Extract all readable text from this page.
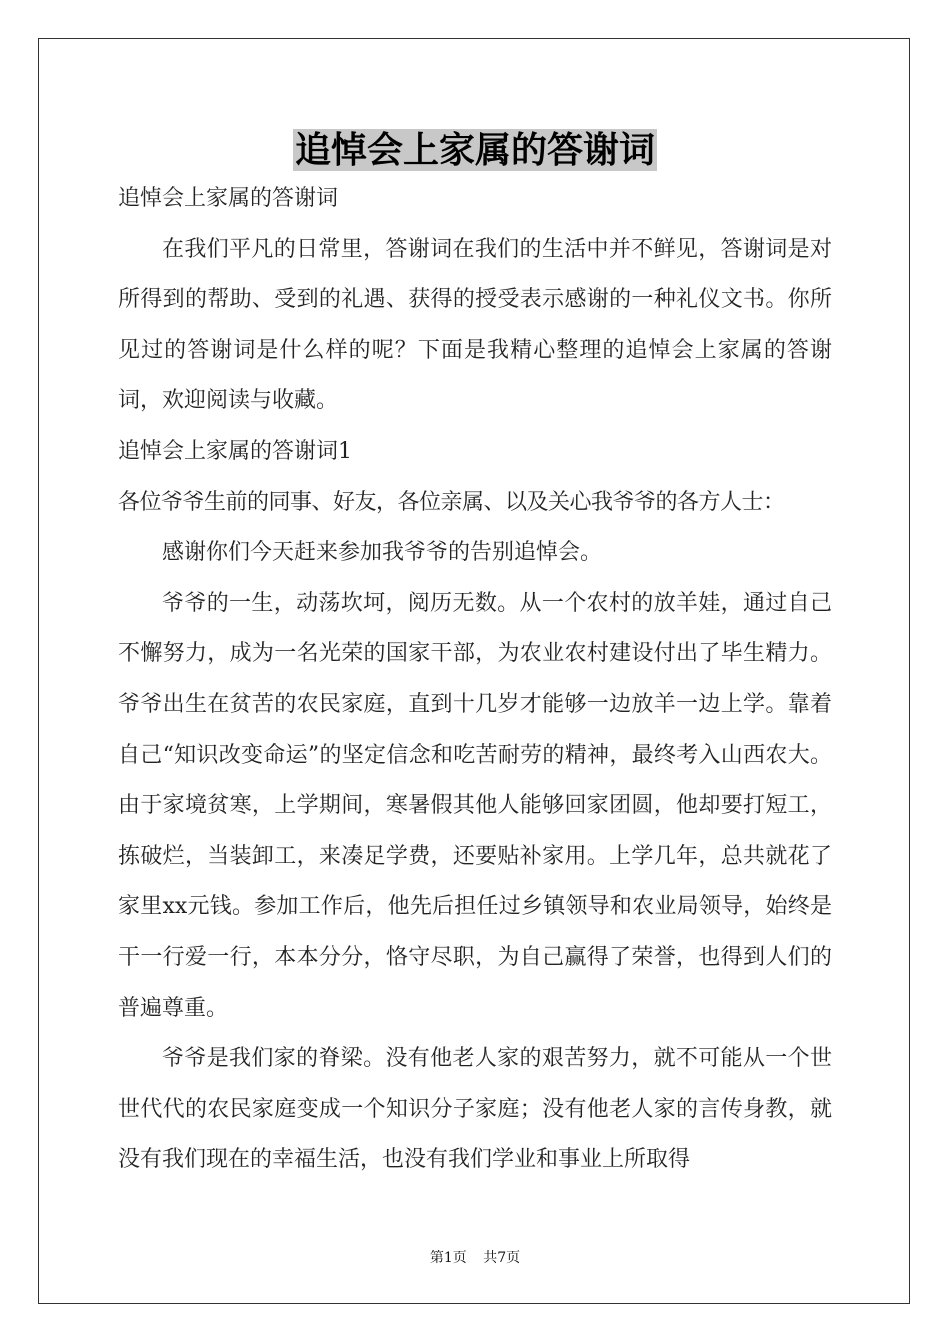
追悼会上家属的答谢词

追悼会上家属的答谢词

在我们平凡的日常里，答谢词在我们的生活中并不鲜见，答谢词是对所得到的帮助、受到的礼遇、获得的授受表示感谢的一种礼仪文书。你所见过的答谢词是什么样的呢？下面是我精心整理的追悼会上家属的答谢词，欢迎阅读与收藏。

追悼会上家属的答谢词1

各位爷爷生前的同事、好友，各位亲属、以及关心我爷爷的各方人士：

感谢你们今天赶来参加我爷爷的告别追悼会。

爷爷的一生，动荡坎坷，阅历无数。从一个农村的放羊娃，通过自己不懈努力，成为一名光荣的国家干部，为农业农村建设付出了毕生精力。爷爷出生在贫苦的农民家庭，直到十几岁才能够一边放羊一边上学。靠着自己“知识改变命运”的坚定信念和吃苦耐劳的精神，最终考入山西农大。由于家境贫寒，上学期间，寒暑假其他人能够回家团圆，他却要打短工，拣破烂，当装卸工，来凑足学费，还要贴补家用。上学几年，总共就花了家里xx元钱。参加工作后，他先后担任过乡镇领导和农业局领导，始终是干一行爱一行，本本分分，恪守尽职，为自己赢得了荣誉，也得到人们的普遍尊重。

爷爷是我们家的脊梁。没有他老人家的艰苦努力，就不可能从一个世世代代的农民家庭变成一个知识分子家庭；没有他老人家的言传身教，就没有我们现在的幸福生活，也没有我们学业和事业上所取得

第1页 共7页
